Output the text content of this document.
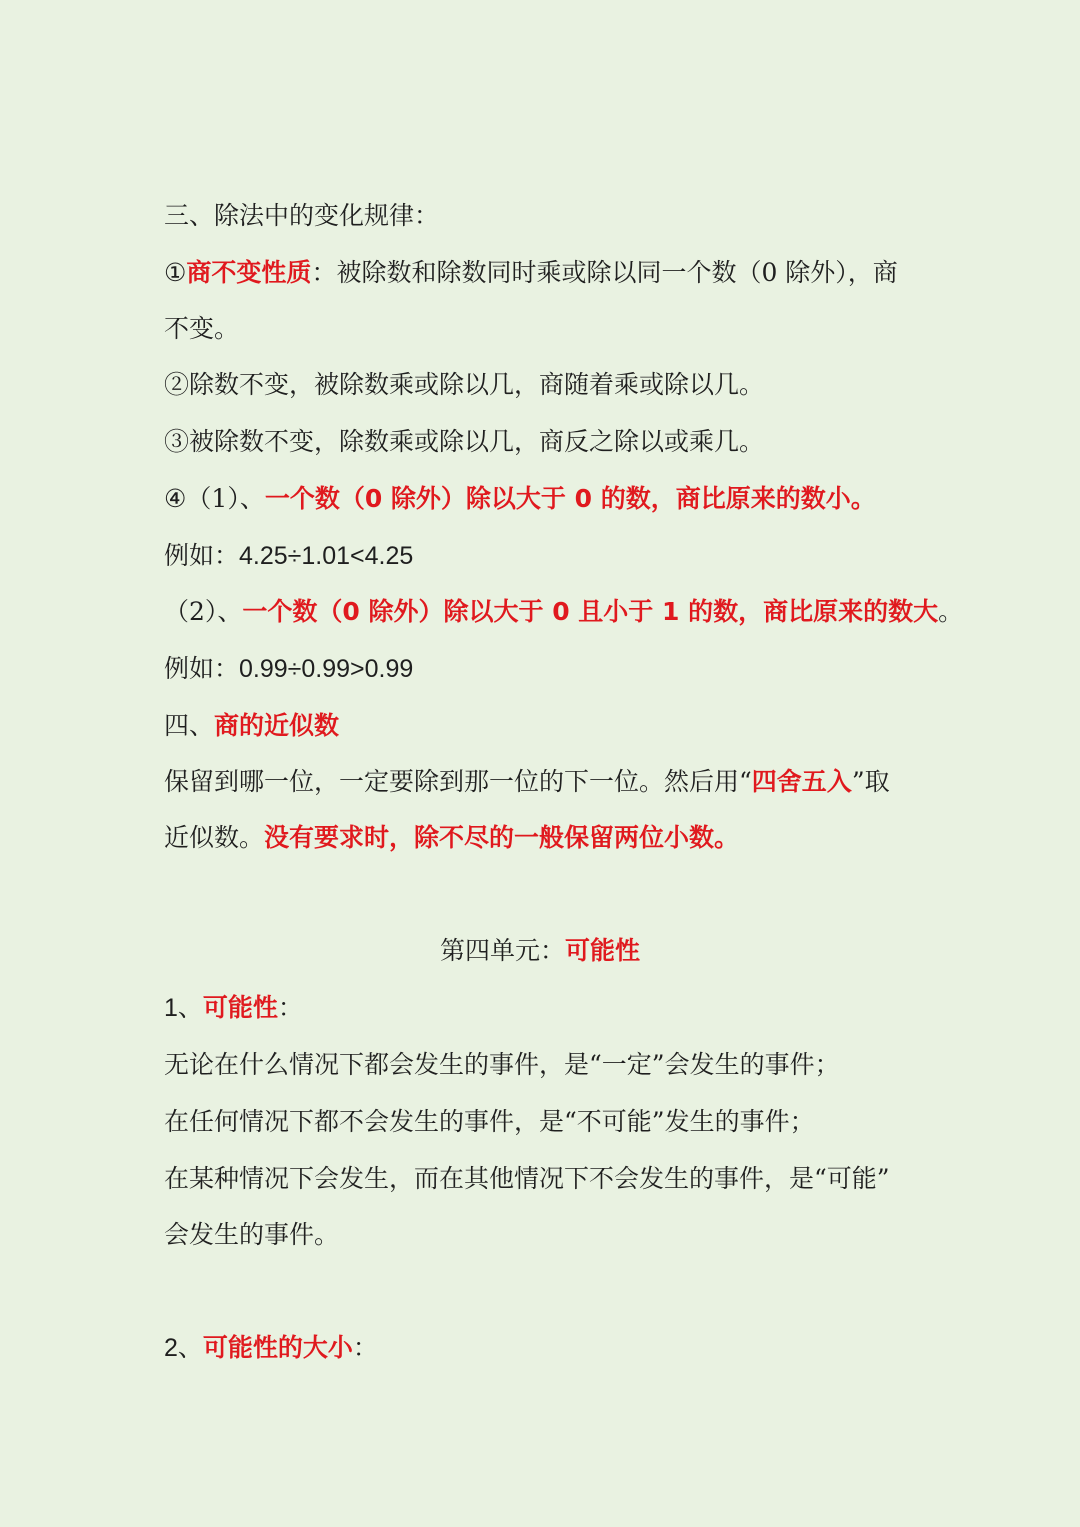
三、除法中的变化规律：
①商不变性质：被除数和除数同时乘或除以同一个数（0 除外），商
不变。
②除数不变，被除数乘或除以几，商随着乘或除以几。
③被除数不变，除数乘或除以几，商反之除以或乘几。
④（1）、一个数（0 除外）除以大于 0 的数，商比原来的数小。
例如：4.25÷1.01<4.25
（2）、一个数（0 除外）除以大于 0 且小于 1 的数，商比原来的数大。
例如：0.99÷0.99>0.99
四、商的近似数
保留到哪一位，一定要除到那一位的下一位。然后用“四舍五入”取
近似数。没有要求时，除不尽的一般保留两位小数。
第四单元：可能性
1、可能性：
无论在什么情况下都会发生的事件，是“一定”会发生的事件；
在任何情况下都不会发生的事件，是“不可能”发生的事件；
在某种情况下会发生，而在其他情况下不会发生的事件，是“可能”
会发生的事件。
2、可能性的大小：
